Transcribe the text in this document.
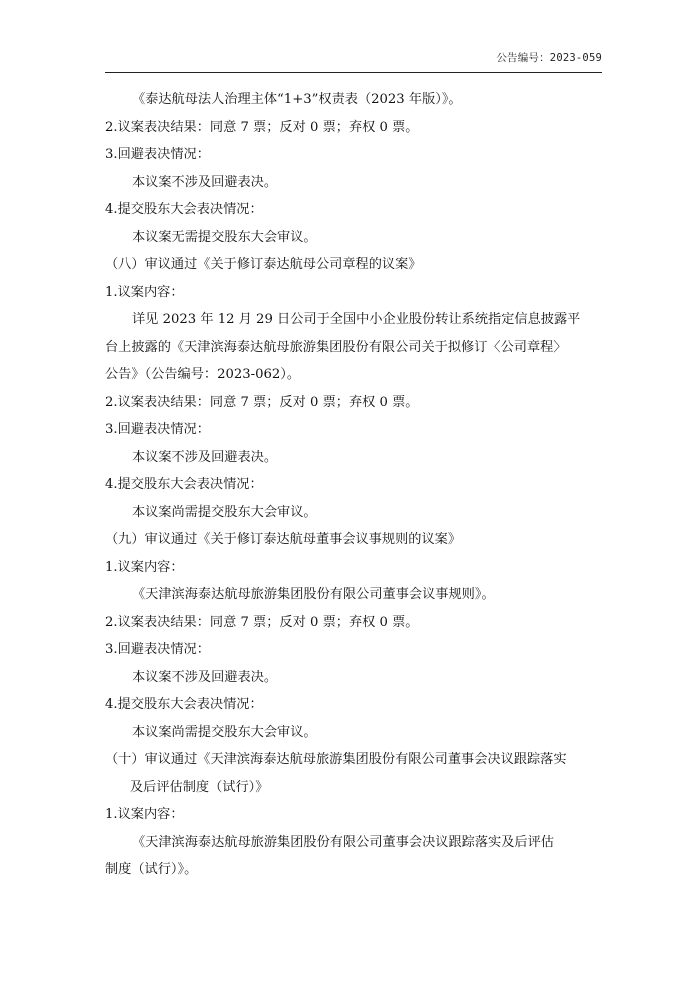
公告编号：2023-059
《泰达航母法人治理主体“1+3”权责表（2023 年版）》。
2.议案表决结果：同意 7 票；反对 0 票；弃权 0 票。
3.回避表决情况：
本议案不涉及回避表决。
4.提交股东大会表决情况：
本议案无需提交股东大会审议。
（八）审议通过《关于修订泰达航母公司章程的议案》
1.议案内容：
详见 2023 年 12 月 29 日公司于全国中小企业股份转让系统指定信息披露平
台上披露的《天津滨海泰达航母旅游集团股份有限公司关于拟修订〈公司章程〉
公告》（公告编号：2023-062）。
2.议案表决结果：同意 7 票；反对 0 票；弃权 0 票。
3.回避表决情况：
本议案不涉及回避表决。
4.提交股东大会表决情况：
本议案尚需提交股东大会审议。
（九）审议通过《关于修订泰达航母董事会议事规则的议案》
1.议案内容：
《天津滨海泰达航母旅游集团股份有限公司董事会议事规则》。
2.议案表决结果：同意 7 票；反对 0 票；弃权 0 票。
3.回避表决情况：
本议案不涉及回避表决。
4.提交股东大会表决情况：
本议案尚需提交股东大会审议。
（十）审议通过《天津滨海泰达航母旅游集团股份有限公司董事会决议跟踪落实
及后评估制度（试行）》
1.议案内容：
《天津滨海泰达航母旅游集团股份有限公司董事会决议跟踪落实及后评估
制度（试行）》。
